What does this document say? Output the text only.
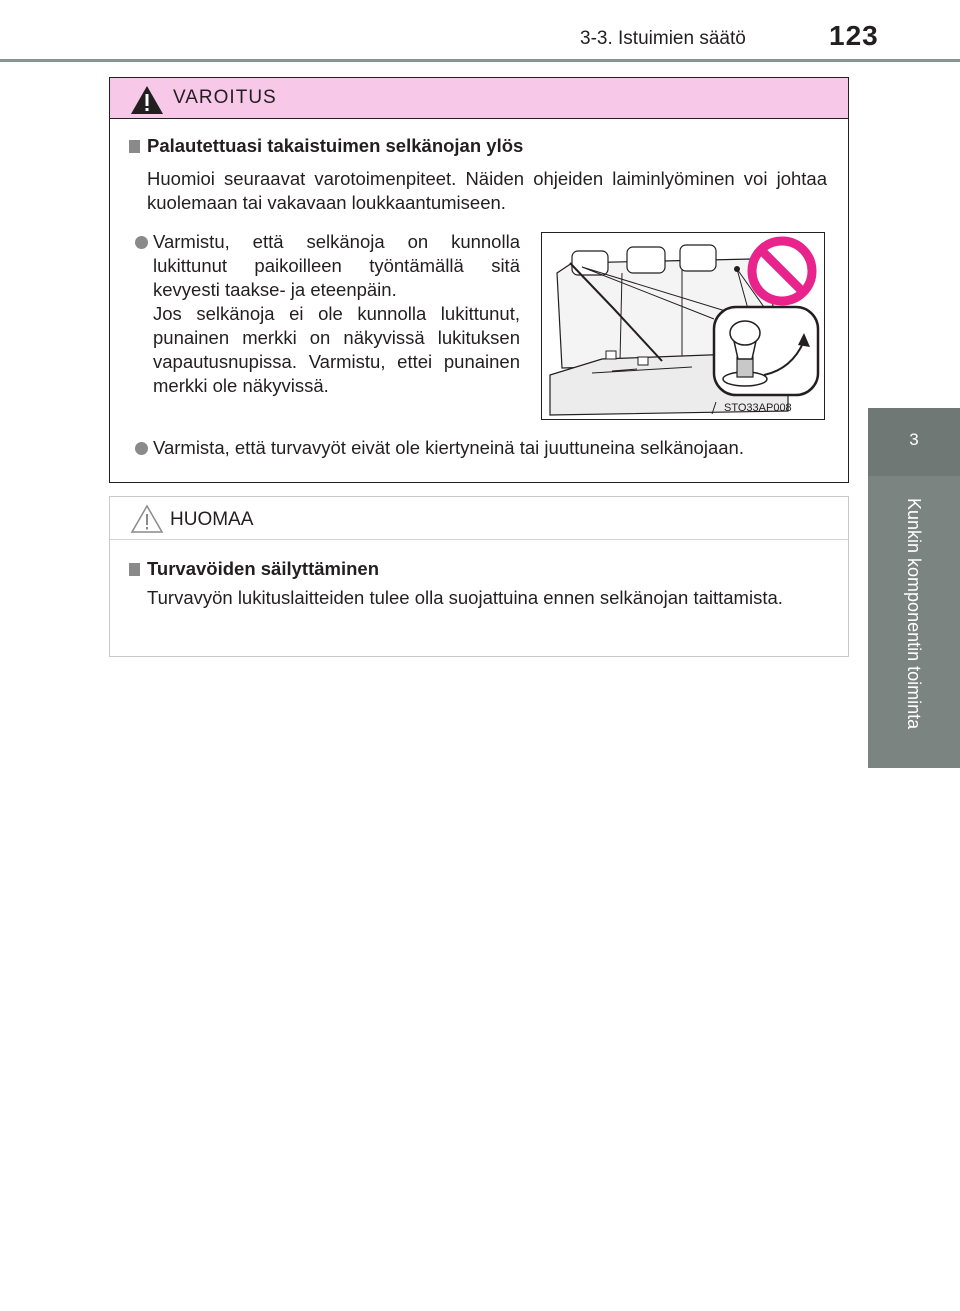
3-3. Istuimien säätö	123
3
Kunkin komponentin toiminta
VAROITUS
Palautettuasi takaistuimen selkänojan ylös
Huomioi seuraavat varotoimenpiteet. Näiden ohjeiden laiminlyöminen voi johtaa kuolemaan tai vakavaan loukkaantumiseen.
Varmistu, että selkänoja on kunnolla lukittunut paikoilleen työntämällä sitä kevyesti taakse- ja eteenpäin.
Jos selkänoja ei ole kunnolla lukittunut, punainen merkki on näkyvissä lukituksen vapautusnupissa. Varmistu, ettei punainen merkki ole näkyvissä.
STO33AP008
Varmista, että turvavyöt eivät ole kiertyneinä tai juuttuneina selkänojaan.
HUOMAA
Turvavöiden säilyttäminen
Turvavyön lukituslaitteiden tulee olla suojattuina ennen selkänojan taittamista.
